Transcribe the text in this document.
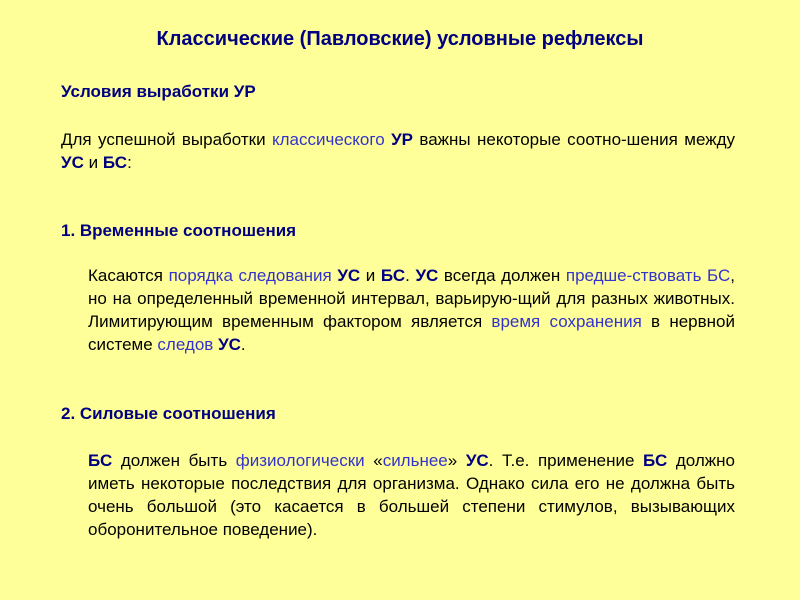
Классические (Павловские) условные рефлексы
Условия выработки УР
Для успешной выработки классического УР важны некоторые соотно-шения между УС и БС:
1. Временные соотношения
Касаются порядка следования УС и БС. УС всегда должен предше-ствовать БС, но на определенный временной интервал, варьирую-щий для разных животных. Лимитирующим временным фактором является время сохранения в нервной системе следов УС.
2. Силовые соотношения
БС должен быть физиологически «сильнее» УС. Т.е. применение БС должно иметь некоторые последствия для организма. Однако сила его не должна быть очень большой (это касается в большей степени стимулов, вызывающих оборонительное поведение).
